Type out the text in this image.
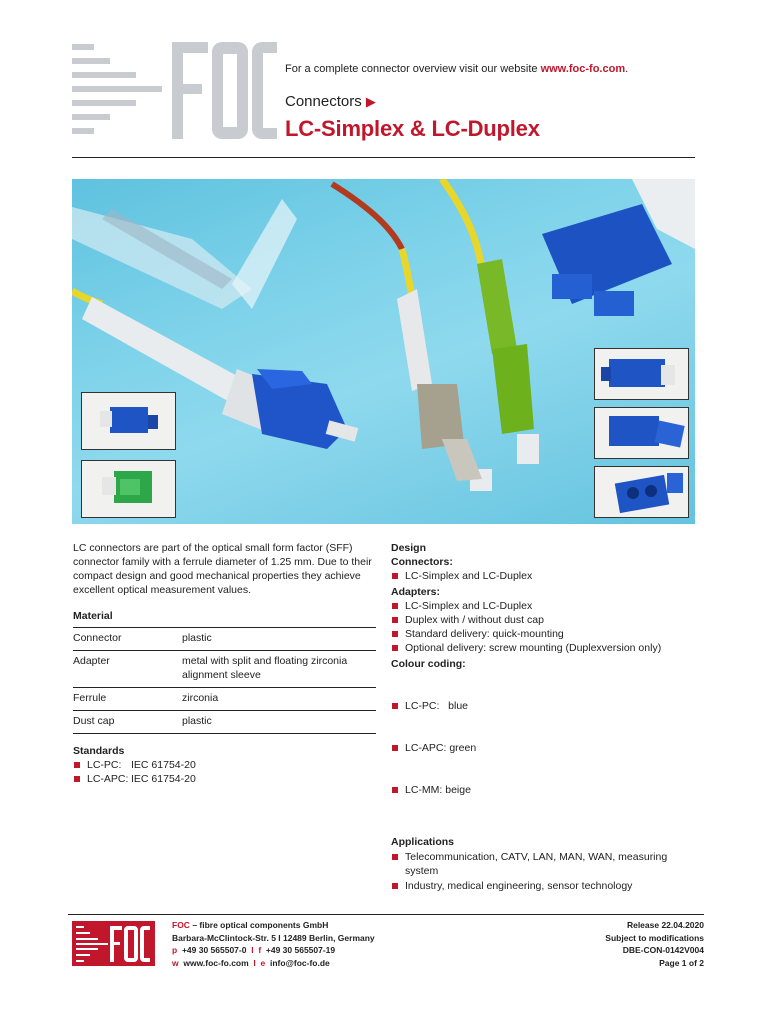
For a complete connector overview visit our website www.foc-fo.com.
Connectors ▶
LC-Simplex & LC-Duplex

LC connectors are part of the optical small form factor (SFF) connector family with a ferrule diameter of 1.25 mm. Due to their compact design and good mechanical properties they achieve excellent optical measurement values.

Material
Connector	plastic
Adapter	metal with split and floating zirconia alignment sleeve
Ferrule	zirconia
Dust cap	plastic
Standards
LC-PC: IEC 61754-20
LC-APC: IEC 61754-20
Design
Connectors:
LC-Simplex and LC-Duplex
Adapters:
LC-Simplex and LC-Duplex
Duplex with / without dust cap
Standard delivery: quick-mounting
Optional delivery: screw mounting (Duplexversion only)
Colour coding:

LC-PC:   blue

LC-APC: green

LC-MM: beige

Applications
Telecommunication, CATV, LAN, MAN, WAN, measuring system
Industry, medical engineering, sensor technology
FOC – fibre optical components GmbH
Barbara-McClintock-Str. 5 I 12489 Berlin, Germany
p +49 30 565507-0 I f +49 30 565507-19
w www.foc-fo.com I e info@foc-fo.de
Release 22.04.2020
Subject to modifications
DBE-CON-0142V004
Page 1 of 2
